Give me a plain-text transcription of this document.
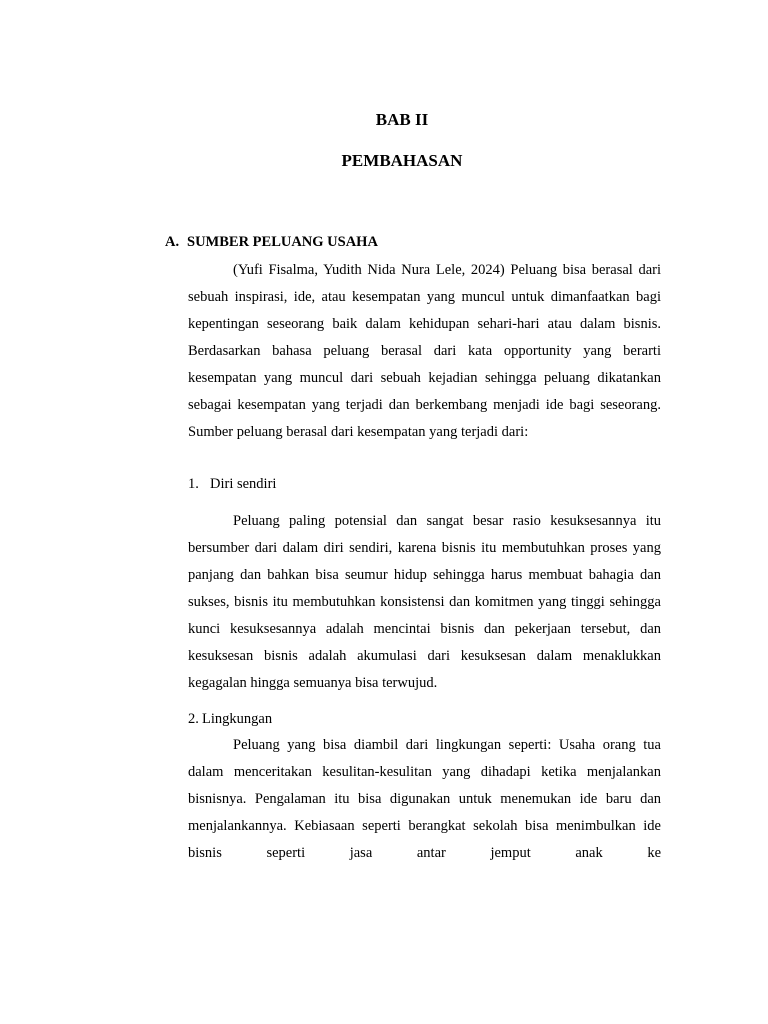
BAB II
PEMBAHASAN
A. SUMBER PELUANG USAHA

(Yufi Fisalma, Yudith Nida Nura Lele, 2024) Peluang bisa berasal dari sebuah inspirasi, ide, atau kesempatan yang muncul untuk dimanfaatkan bagi kepentingan seseorang baik dalam kehidupan sehari-hari atau dalam bisnis. Berdasarkan bahasa peluang berasal dari kata opportunity yang berarti kesempatan yang muncul dari sebuah kejadian sehingga peluang dikatankan sebagai kesempatan yang terjadi dan berkembang menjadi ide bagi seseorang. Sumber peluang berasal dari kesempatan yang terjadi dari:

1. Diri sendiri

Peluang paling potensial dan sangat besar rasio kesuksesannya itu bersumber dari dalam diri sendiri, karena bisnis itu membutuhkan proses yang panjang dan bahkan bisa seumur hidup sehingga harus membuat bahagia dan sukses, bisnis itu membutuhkan konsistensi dan komitmen yang tinggi sehingga kunci kesuksesannya adalah mencintai bisnis dan pekerjaan tersebut, dan kesuksesan bisnis adalah akumulasi dari kesuksesan dalam menaklukkan kegagalan hingga semuanya bisa terwujud.

2. Lingkungan

Peluang yang bisa diambil dari lingkungan seperti: Usaha orang tua dalam menceritakan kesulitan-kesulitan yang dihadapi ketika menjalankan bisnisnya. Pengalaman itu bisa digunakan untuk menemukan ide baru dan menjalankannya. Kebiasaan seperti berangkat sekolah bisa menimbulkan ide bisnis seperti jasa antar jemput anak ke
